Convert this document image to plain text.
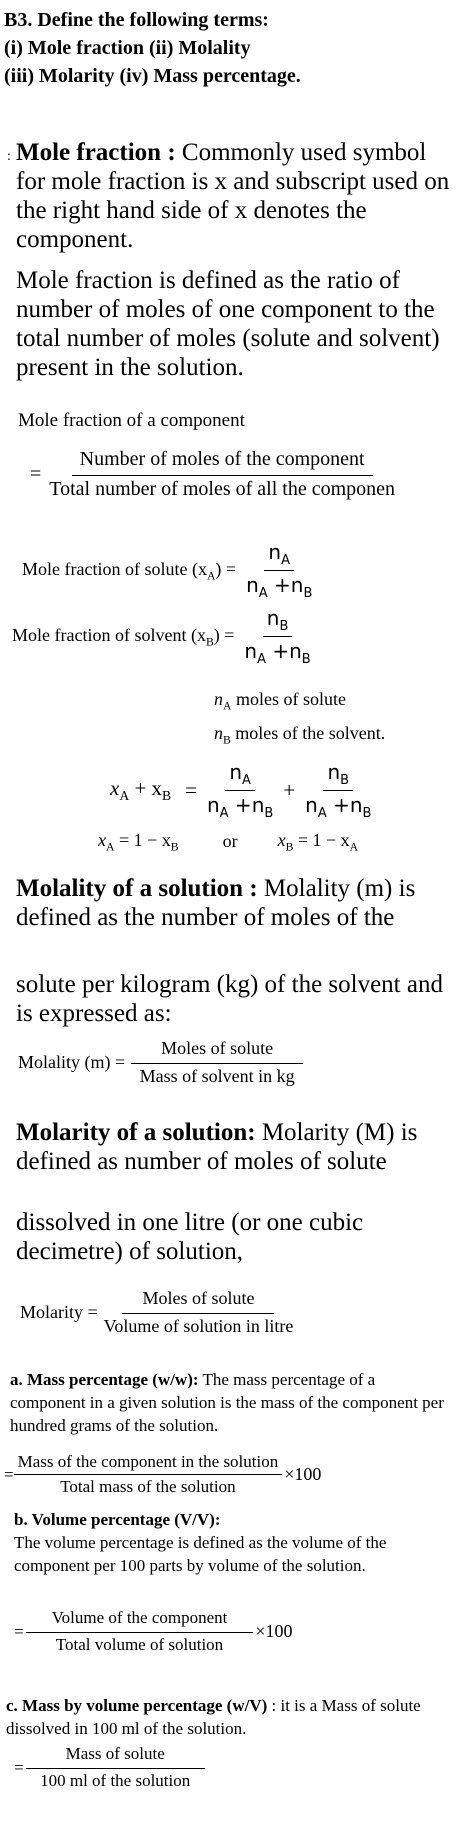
B3. Define the following terms:
(i) Mole fraction (ii) Molality
(iii) Molarity (iv) Mass percentage.
: Mole fraction : Commonly used symbol for mole fraction is x and subscript used on the right hand side of x denotes the component.
Mole fraction is defined as the ratio of number of moles of one component to the total number of moles (solute and solvent) present in the solution.
Mole fraction of a component
= $\frac{\text{Number of moles of the component}}{\text{Total number of moles of all the componen}}$
Mole fraction of solute $(x_A) = \frac{n_A}{n_A +n_B}$
Mole fraction of solvent $(x_B) = \frac{n_B}{n_A +n_B}$
$n_A$ moles of solute
$n_B$ moles of the solvent.
$x_A + x_B = \frac{n_A}{n_A +n_B} + \frac{n_B}{n_A +n_B}$
$x_A = 1 - x_B$ or $x_B = 1 - x_A$
Molality of a solution : Molality (m) is defined as the number of moles of the
solute per kilogram (kg) of the solvent and is expressed as:
Molality $(m) = \frac{\text{Moles of solute}}{\text{Mass of solvent in kg}}$
Molarity of a solution: Molarity (M) is defined as number of moles of solute
dissolved in one litre (or one cubic decimetre) of solution,
Molarity = $\frac{\text{Moles of solute}}{\text{Volume of solution in litre}}$
a. Mass percentage (w/w): The mass percentage of a component in a given solution is the mass of the component per hundred grams of the solution.
= $\frac{\text{Mass of the component in the solution}}{\text{Total mass of the solution}} \times 100$
b. Volume percentage (V/V):
The volume percentage is defined as the volume of the component per 100 parts by volume of the solution.
= $\frac{\text{Volume of the component}}{\text{Total volume of solution}} \times 100$
c. Mass by volume percentage (w/V) : it is a Mass of solute dissolved in 100 ml of the solution.
= $\frac{\text{Mass of solute}}{\text{100 ml of the solution}}$
